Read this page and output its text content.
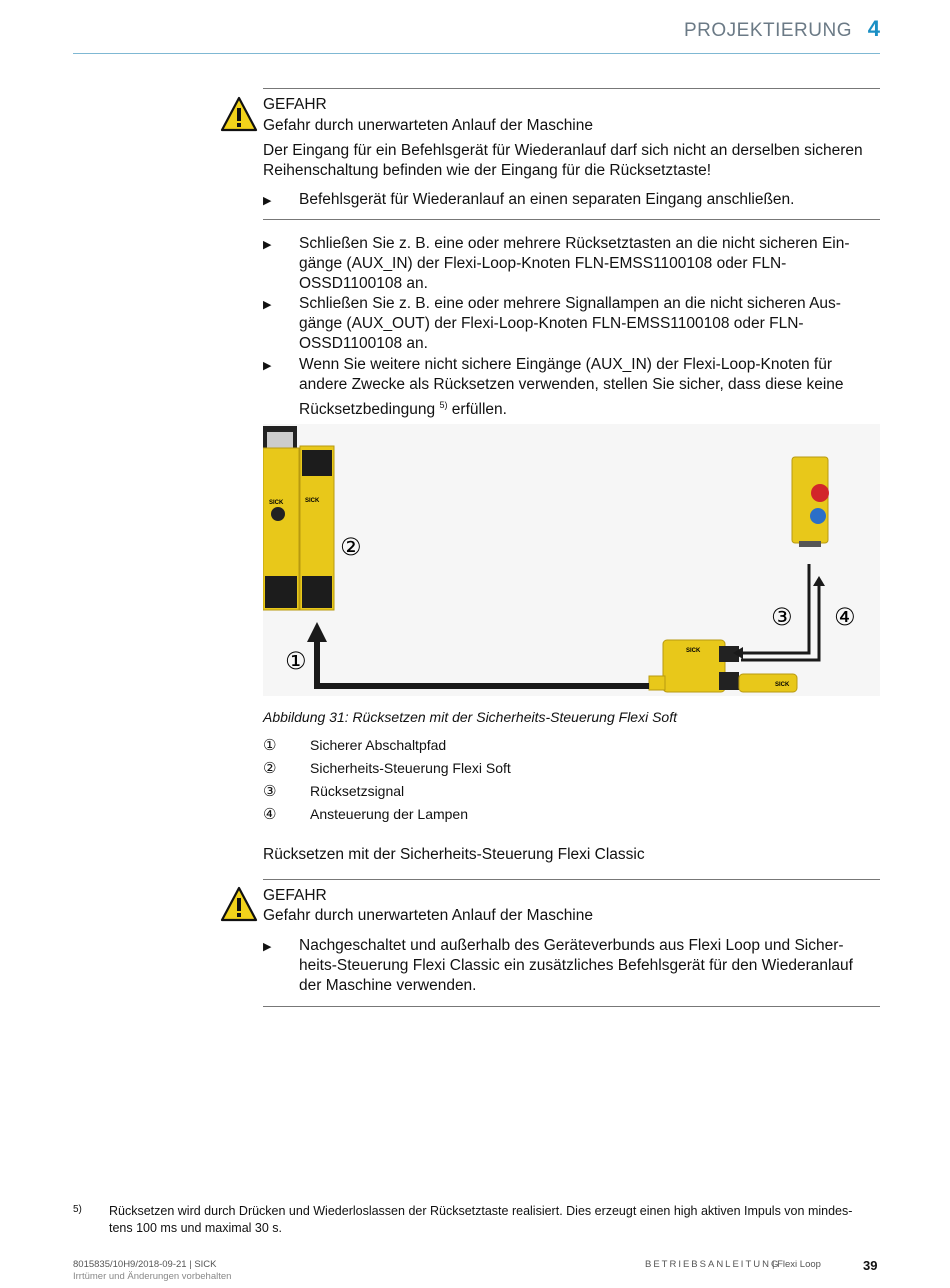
PROJEKTIERUNG 4
GEFAHR
Gefahr durch unerwarteten Anlauf der Maschine
Der Eingang für ein Befehlsgerät für Wiederanlauf darf sich nicht an derselben sicheren
Reihenschaltung befinden wie der Eingang für die Rücksetztaste!
▶ Befehlsgerät für Wiederanlauf an einen separaten Eingang anschließen.
▶ Schließen Sie z. B. eine oder mehrere Rücksetztasten an die nicht sicheren Ein-
gänge (AUX_IN) der Flexi-Loop-Knoten FLN-EMSS1100108 oder FLN-
OSSD1100108 an.
▶ Schließen Sie z. B. eine oder mehrere Signallampen an die nicht sicheren Aus-
gänge (AUX_OUT) der Flexi-Loop-Knoten FLN-EMSS1100108 oder FLN-
OSSD1100108 an.
▶ Wenn Sie weitere nicht sichere Eingänge (AUX_IN) der Flexi-Loop-Knoten für
andere Zwecke als Rücksetzen verwenden, stellen Sie sicher, dass diese keine
Rücksetzbedingung $^{5)}$ erfüllen.
SICK	SICK
②
SICK
SICK
①
③ ④
Abbildung 31: Rücksetzen mit der Sicherheits-Steuerung Flexi Soft
① Sicherer Abschaltpfad
② Sicherheits-Steuerung Flexi Soft
③ Rücksetzsignal
④ Ansteuerung der Lampen
Rücksetzen mit der Sicherheits-Steuerung Flexi Classic
GEFAHR
Gefahr durch unerwarteten Anlauf der Maschine
▶ Nachgeschaltet und außerhalb des Geräteverbunds aus Flexi Loop und Sicher-
heits-Steuerung Flexi Classic ein zusätzliches Befehlsgerät für den Wiederanlauf
der Maschine verwenden.
5) Rücksetzen wird durch Drücken und Wiederloslassen der Rücksetztaste realisiert. Dies erzeugt einen high aktiven Impuls von mindes-
tens 100 ms und maximal 30 s.
8015835/10H9/2018-09-21 | SICK
Irrtümer und Änderungen vorbehalten
BETRIEBSANLEITUNG
| Flexi Loop	39
